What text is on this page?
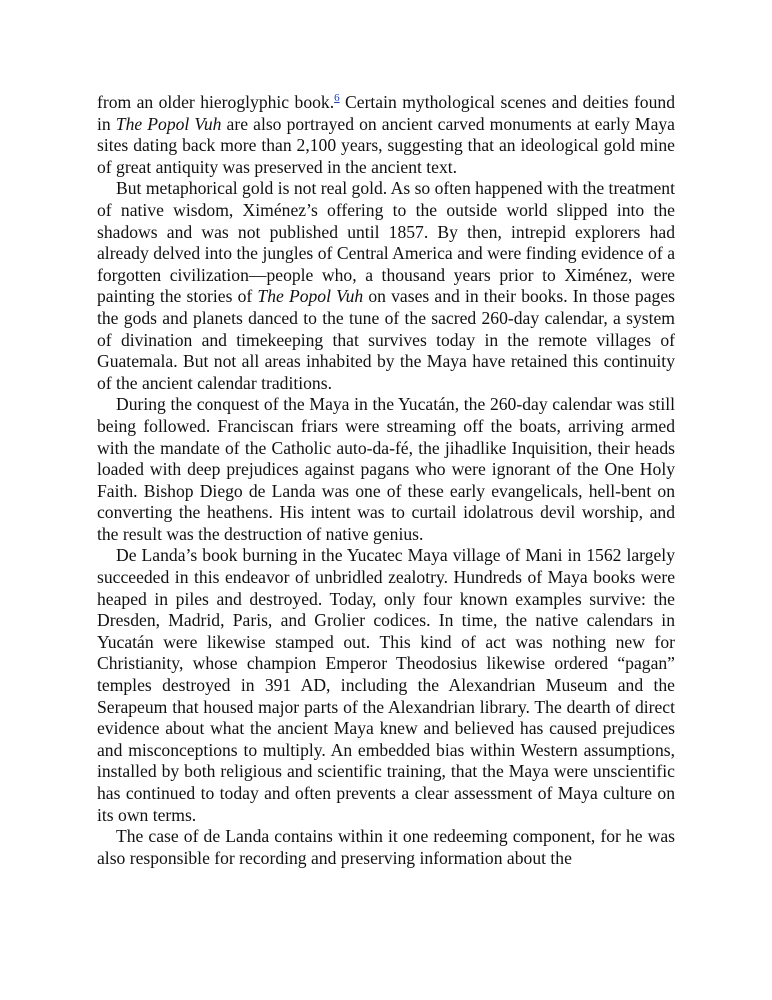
from an older hieroglyphic book.$^6$ Certain mythological scenes and deities found in The Popol Vuh are also portrayed on ancient carved monuments at early Maya sites dating back more than 2,100 years, suggesting that an ideological gold mine of great antiquity was preserved in the ancient text.

But metaphorical gold is not real gold. As so often happened with the treatment of native wisdom, Ximénez’s offering to the outside world slipped into the shadows and was not published until 1857. By then, intrepid explorers had already delved into the jungles of Central America and were finding evidence of a forgotten civilization—people who, a thousand years prior to Ximénez, were painting the stories of The Popol Vuh on vases and in their books. In those pages the gods and planets danced to the tune of the sacred 260-day calendar, a system of divination and timekeeping that survives today in the remote villages of Guatemala. But not all areas inhabited by the Maya have retained this continuity of the ancient calendar traditions.

During the conquest of the Maya in the Yucatán, the 260-day calendar was still being followed. Franciscan friars were streaming off the boats, arriving armed with the mandate of the Catholic auto-da-fé, the jihadlike Inquisition, their heads loaded with deep prejudices against pagans who were ignorant of the One Holy Faith. Bishop Diego de Landa was one of these early evangelicals, hell-bent on converting the heathens. His intent was to curtail idolatrous devil worship, and the result was the destruction of native genius.

De Landa’s book burning in the Yucatec Maya village of Mani in 1562 largely succeeded in this endeavor of unbridled zealotry. Hundreds of Maya books were heaped in piles and destroyed. Today, only four known examples survive: the Dresden, Madrid, Paris, and Grolier codices. In time, the native calendars in Yucatán were likewise stamped out. This kind of act was nothing new for Christianity, whose champion Emperor Theodosius likewise ordered “pagan” temples destroyed in 391 AD, including the Alexandrian Museum and the Serapeum that housed major parts of the Alexandrian library. The dearth of direct evidence about what the ancient Maya knew and believed has caused prejudices and misconceptions to multiply. An embedded bias within Western assumptions, installed by both religious and scientific training, that the Maya were unscientific has continued to today and often prevents a clear assessment of Maya culture on its own terms.

The case of de Landa contains within it one redeeming component, for he was also responsible for recording and preserving information about the
